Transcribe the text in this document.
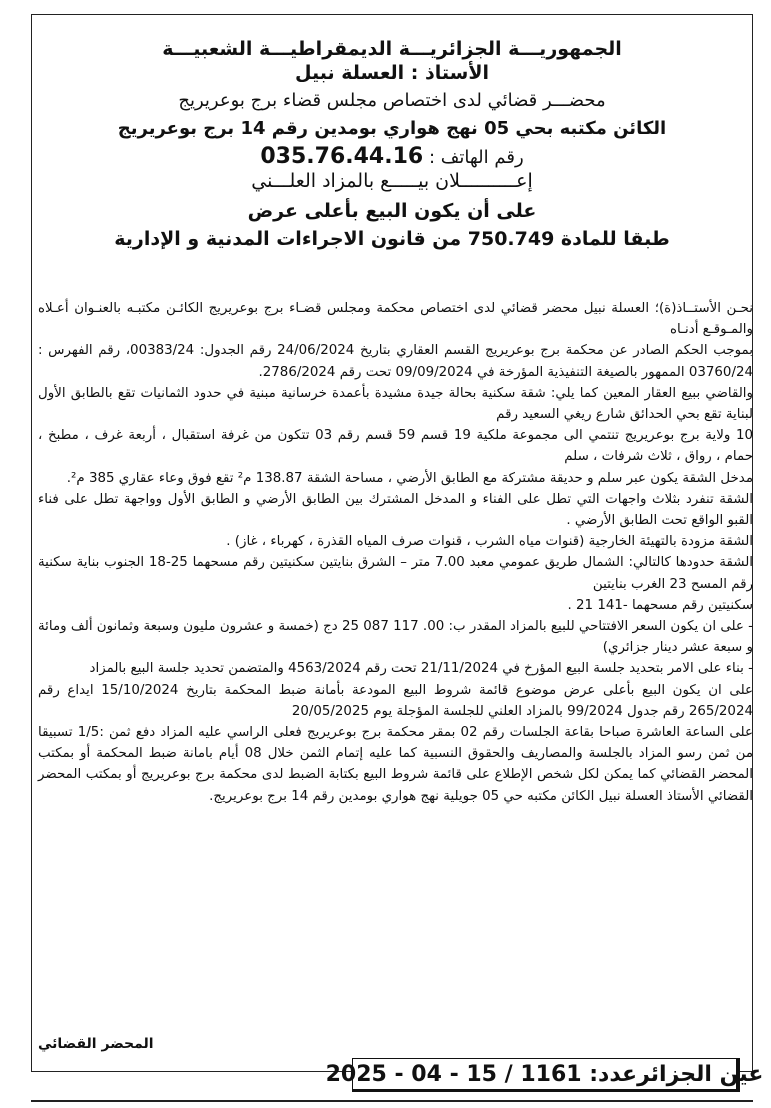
الجمهوريـــة الجزائريـــة الديمقراطيـــة الشعبيـــة
الأستاذ : العسلة نبيل
محضـــر قضائي لدى اختصاص مجلس قضاء برج بوعريريج
الكائن مكتبه بحي 05 نهج هواري بومدين رقم 14 برج بوعريريج
رقم الهاتف : 035.76.44.16
إعــــــــــلان بيـــــع بالمزاد العلـــني
على أن يكون البيع بأعلى عرض
طبقا للمادة 750.749 من قانون الاجراءات المدنية و الإدارية

نحـن الأستــاذ(ة)؛ العسلة نبيل محضر قضائي لدى اختصاص محكمة ومجلس قضـاء برج بوعريريج الكائـن مكتبـه بالعنـوان أعـلاه والمـوقـع أدنـاه

بموجب الحكم الصادر عن محكمة برج بوعريريج القسم العقاري بتاريخ 24/06/2024 رقم الجدول: 00383/24، رقم الفهرس : 03760/24 الممهور بالصيغة التنفيذية المؤرخة في 09/09/2024 تحت رقم 2786/2024.

والقاضي ببيع العقار المعين كما يلي: شقة سكنية بحالة جيدة مشيدة بأعمدة خرسانية مبنية في حدود الثمانيات تقع بالطابق الأول لبناية تقع بحي الحدائق شارع ريغي السعيد رقم

10 ولاية برج بوعريريج تنتمي الى مجموعة ملكية 19 قسم 59 قسم رقم 03 تتكون من غرفة استقبال ، أربعة غرف ، مطبخ ، حمام ، رواق ، ثلاث شرفات ، سلم

مدخل الشقة يكون عبر سلم و حديقة مشتركة مع الطابق الأرضي ، مساحة الشقة 138.87 م² تقع فوق وعاء عقاري 385 م².

الشقة تنفرد بثلاث واجهات التي تطل على الفناء و المدخل المشترك بين الطابق الأرضي و الطابق الأول وواجهة تطل على فناء القبو الواقع تحت الطابق الأرضي .

الشقة مزودة بالتهيئة الخارجية (قنوات مياه الشرب ، قنوات صرف المياه القذرة ، كهرباء ، غاز) .

الشقة حدودها كالتالي: الشمال طريق عمومي معبد 7.00 متر – الشرق بنايتين سكنيتين رقم مسحهما 25-18 الجنوب بناية سكنية رقم المسح 23 الغرب بنايتين

سكنيتين رقم مسحهما -141 21 .

- على ان يكون السعر الافتتاحي للبيع بالمزاد المقدر ب: 00. 117 087 25 دج (خمسة و عشرون مليون وسبعة وثمانون ألف ومائة و سبعة عشر دينار جزائري)

- بناء على الامر بتحديد جلسة البيع المؤرخ في 21/11/2024 تحت رقم 4563/2024 والمتضمن تحديد جلسة البيع بالمزاد

على ان يكون البيع بأعلى عرض موضوع قائمة شروط البيع المودعة بأمانة ضبط المحكمة بتاريخ 15/10/2024 ايداع رقم 265/2024 رقم جدول 99/2024 بالمزاد العلني للجلسة المؤجلة يوم 20/05/2025

على الساعة العاشرة صباحا بقاعة الجلسات رقم 02 بمقر محكمة برج بوعريريج فعلى الراسي عليه المزاد دفع ثمن :1/5 تسبيقا من ثمن رسو المزاد بالجلسة والمصاريف والحقوق النسبية كما عليه إتمام الثمن خلال 08 أيام بامانة ضبط المحكمة أو بمكتب المحضر القضائي كما يمكن لكل شخص الإطلاع على قائمة شروط البيع بكتابة الضبط لدى محكمة برج بوعريريج أو بمكتب المحضر القضائي الأستاذ العسلة نبيل الكائن مكتبه حي 05 جويلية نهج هواري بومدين رقم 14 برج بوعريريج.

المحضر القضائي
عين الجزائرعدد: 1161 / 15 - 04 - 2025
